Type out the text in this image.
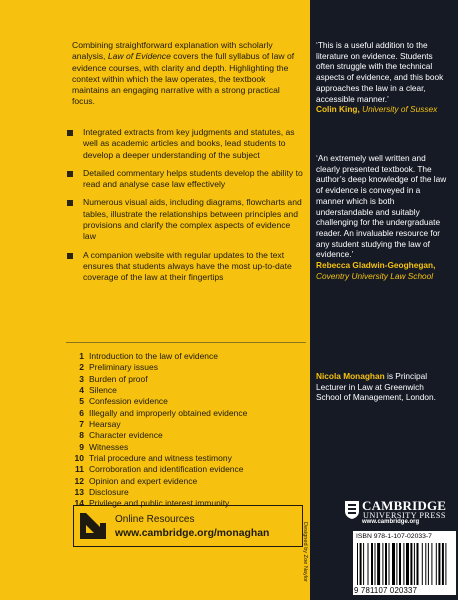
Combining straightforward explanation with scholarly analysis, Law of Evidence covers the full syllabus of law of evidence courses, with clarity and depth. Highlighting the context within which the law operates, the textbook maintains an engaging narrative with a strong practical focus.

Integrated extracts from key judgments and statutes, as well as academic articles and books, lead students to develop a deeper understanding of the subject
Detailed commentary helps students develop the ability to read and analyse case law effectively
Numerous visual aids, including diagrams, flowcharts and tables, illustrate the relationships between principles and provisions and clarify the complex aspects of evidence law
A companion website with regular updates to the text ensures that students always have the most up-to-date coverage of the law at their fingertips
1 Introduction to the law of evidence
2 Preliminary issues
3 Burden of proof
4 Silence
5 Confession evidence
6 Illegally and improperly obtained evidence
7 Hearsay
8 Character evidence
9 Witnesses
10 Trial procedure and witness testimony
11 Corroboration and identification evidence
12 Opinion and expert evidence
13 Disclosure
14 Privilege and public interest immunity
Online Resources
www.cambridge.org/monaghan	Designed by Zoe Naylor

‘This is a useful addition to the literature on evidence. Students often struggle with the technical aspects of evidence, and this book approaches the law in a clear, accessible manner.’
Colin King, University of Sussex

‘An extremely well written and clearly presented textbook. The author’s deep knowledge of the law of evidence is conveyed in a manner which is both understandable and suitably challenging for the undergraduate reader. An invaluable resource for any student studying the law of evidence.’
Rebecca Gladwin-Geoghegan, Coventry University Law School

Nicola Monaghan is Principal Lecturer in Law at Greenwich School of Management, London.

CAMBRIDGE
UNIVERSITY PRESS
www.cambridge.org
ISBN 978-1-107-02033-7
9 781107 020337
